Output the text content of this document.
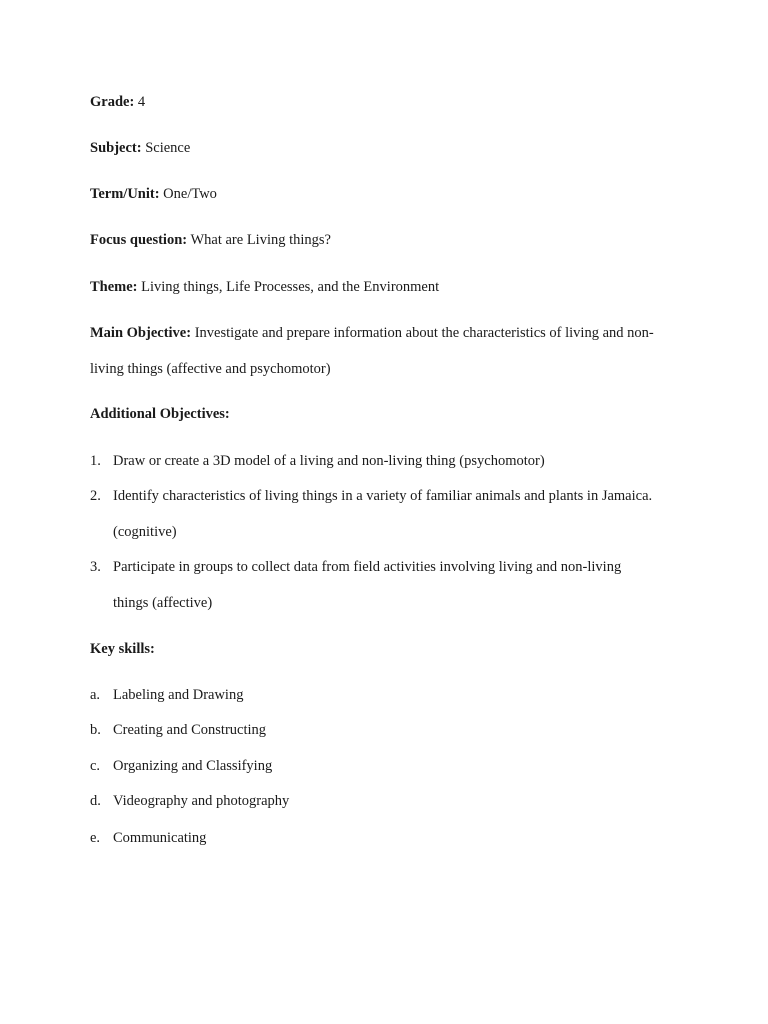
Grade: 4
Subject: Science
Term/Unit: One/Two
Focus question: What are Living things?
Theme: Living things, Life Processes, and the Environment
Main Objective: Investigate and prepare information about the characteristics of living and non-
living things (affective and psychomotor)
Additional Objectives:
1. Draw or create a 3D model of a living and non-living thing (psychomotor)
2. Identify characteristics of living things in a variety of familiar animals and plants in Jamaica.
(cognitive)
3. Participate in groups to collect data from field activities involving living and non-living
things (affective)
Key skills:
a. Labeling and Drawing
b. Creating and Constructing
c. Organizing and Classifying
d. Videography and photography
e. Communicating
